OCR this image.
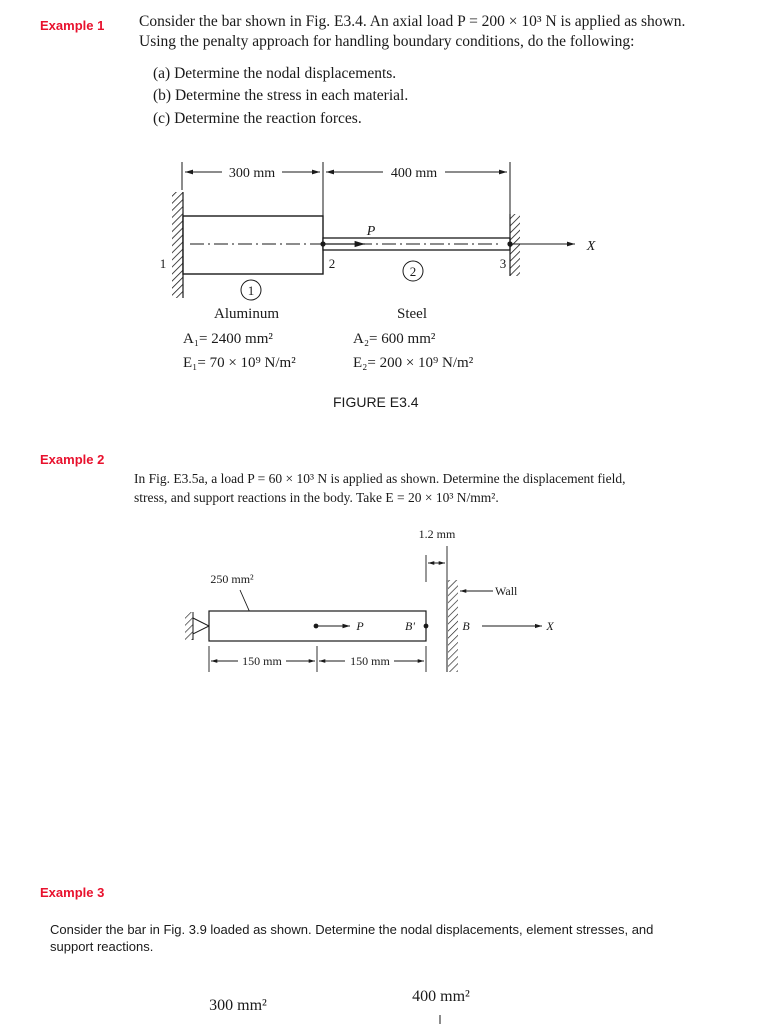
Example 1 Consider the bar shown in Fig. E3.4. An axial load P = 200 × 10³ N is applied as shown.
Using the penalty approach for handling boundary conditions, do the following:
(a) Determine the nodal displacements.
(b) Determine the stress in each material.
(c) Determine the reaction forces.
300 mm	400 mm
P
X
1	2	3
1
2
Aluminum
A₁= 2400 mm²
E₁= 70 × 10⁹ N/m²
Steel
A₂= 600 mm²
E₂= 200 × 10⁹ N/m²
FIGURE E3.4
Example 2
In Fig. E3.5a, a load P = 60 × 10³ N is applied as shown. Determine the displacement field,
stress, and support reactions in the body. Take E = 20 × 10³ N/mm².
1.2 mm
250 mm²
P	B'
Wall
B	X
150 mm	150 mm
Example 3
Consider the bar in Fig. 3.9 loaded as shown. Determine the nodal displacements, element stresses, and
support reactions.
300 mm²
400 mm²
